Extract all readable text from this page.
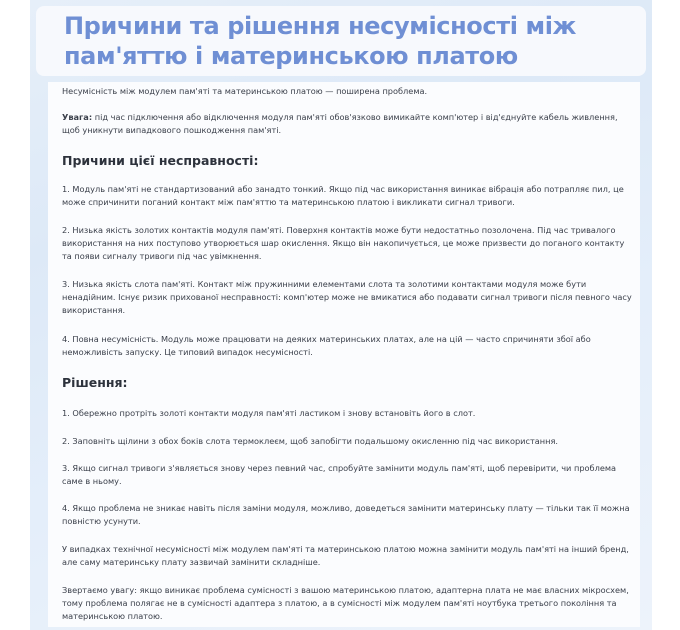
Причини та рішення несумісності між пам'яттю і материнською платою

Несумісність між модулем пам'яті та материнською платою — поширена проблема.

Увага: під час підключення або відключення модуля пам'яті обов'язково вимикайте комп'ютер і від'єднуйте кабель живлення, щоб уникнути випадкового пошкодження пам'яті.

Причини цієї несправності:

1. Модуль пам'яті не стандартизований або занадто тонкий. Якщо під час використання виникає вібрація або потрапляє пил, це може спричинити поганий контакт між пам'яттю та материнською платою і викликати сигнал тривоги.

2. Низька якість золотих контактів модуля пам'яті. Поверхня контактів може бути недостатньо позолочена. Під час тривалого використання на них поступово утворюється шар окислення. Якщо він накопичується, це може призвести до поганого контакту та появи сигналу тривоги під час увімкнення.

3. Низька якість слота пам'яті. Контакт між пружинними елементами слота та золотими контактами модуля може бути ненадійним. Існує ризик прихованої несправності: комп'ютер може не вмикатися або подавати сигнал тривоги після певного часу використання.

4. Повна несумісність. Модуль може працювати на деяких материнських платах, але на цій — часто спричиняти збої або неможливість запуску. Це типовий випадок несумісності.

Рішення:

1. Обережно протріть золоті контакти модуля пам'яті ластиком і знову встановіть його в слот.

2. Заповніть щілини з обох боків слота термоклеєм, щоб запобігти подальшому окисленню під час використання.

3. Якщо сигнал тривоги з'являється знову через певний час, спробуйте замінити модуль пам'яті, щоб перевірити, чи проблема саме в ньому.

4. Якщо проблема не зникає навіть після заміни модуля, можливо, доведеться замінити материнську плату — тільки так її можна повністю усунути.

У випадках технічної несумісності між модулем пам'яті та материнською платою можна замінити модуль пам'яті на інший бренд, але саму материнську плату зазвичай замінити складніше.

Звертаємо увагу: якщо виникає проблема сумісності з вашою материнською платою, адаптерна плата не має власних мікросхем, тому проблема полягає не в сумісності адаптера з платою, а в сумісності між модулем пам'яті ноутбука третього покоління та материнською платою.
